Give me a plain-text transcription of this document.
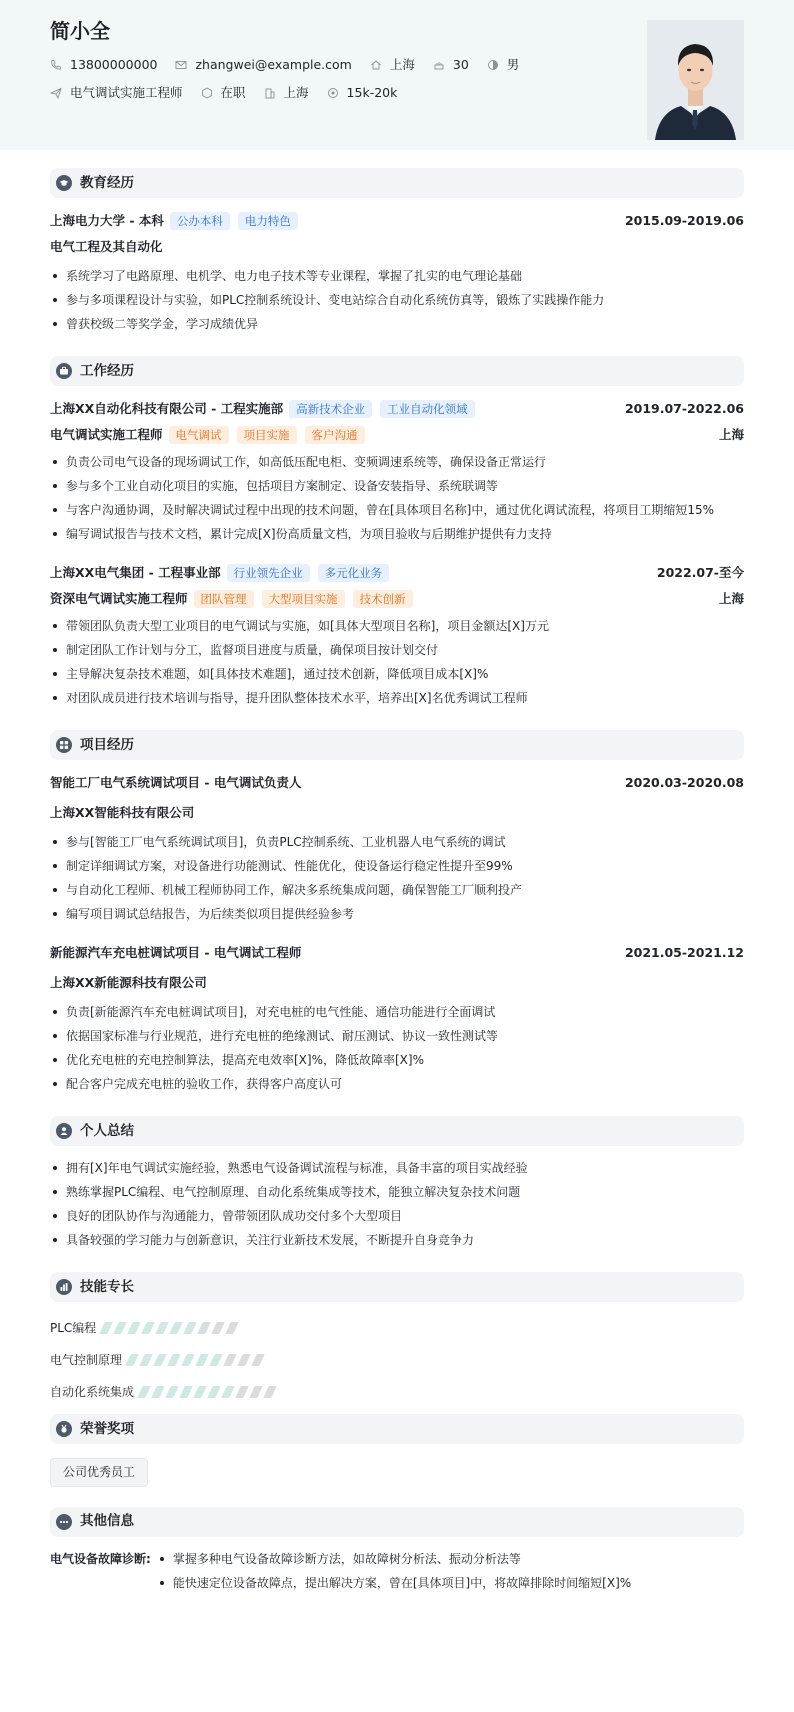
简小全
13800000000	zhangwei@example.com	上海	30	男
电气调试实施工程师	在职	上海	15k-20k
教育经历
上海电力大学 - 本科	公办本科	电力特色	2015.09-2019.06
电气工程及其自动化
系统学习了电路原理、电机学、电力电子技术等专业课程，掌握了扎实的电气理论基础
参与多项课程设计与实验，如PLC控制系统设计、变电站综合自动化系统仿真等，锻炼了实践操作能力
曾获校级二等奖学金，学习成绩优异
工作经历
上海XX自动化科技有限公司 - 工程实施部	高新技术企业	工业自动化领域	2019.07-2022.06
电气调试实施工程师	电气调试	项目实施	客户沟通	上海
负责公司电气设备的现场调试工作，如高低压配电柜、变频调速系统等，确保设备正常运行
参与多个工业自动化项目的实施，包括项目方案制定、设备安装指导、系统联调等
与客户沟通协调，及时解决调试过程中出现的技术问题，曾在[具体项目名称]中，通过优化调试流程，将项目工期缩短15%
编写调试报告与技术文档，累计完成[X]份高质量文档，为项目验收与后期维护提供有力支持
上海XX电气集团 - 工程事业部	行业领先企业	多元化业务	2022.07-至今
资深电气调试实施工程师	团队管理	大型项目实施	技术创新	上海
带领团队负责大型工业项目的电气调试与实施，如[具体大型项目名称]，项目金额达[X]万元
制定团队工作计划与分工，监督项目进度与质量，确保项目按计划交付
主导解决复杂技术难题，如[具体技术难题]，通过技术创新，降低项目成本[X]%
对团队成员进行技术培训与指导，提升团队整体技术水平，培养出[X]名优秀调试工程师
项目经历
智能工厂电气系统调试项目 - 电气调试负责人	2020.03-2020.08
上海XX智能科技有限公司
参与[智能工厂电气系统调试项目]，负责PLC控制系统、工业机器人电气系统的调试
制定详细调试方案，对设备进行功能测试、性能优化，使设备运行稳定性提升至99%
与自动化工程师、机械工程师协同工作，解决多系统集成问题，确保智能工厂顺利投产
编写项目调试总结报告，为后续类似项目提供经验参考
新能源汽车充电桩调试项目 - 电气调试工程师	2021.05-2021.12
上海XX新能源科技有限公司
负责[新能源汽车充电桩调试项目]，对充电桩的电气性能、通信功能进行全面调试
依据国家标准与行业规范，进行充电桩的绝缘测试、耐压测试、协议一致性测试等
优化充电桩的充电控制算法，提高充电效率[X]%，降低故障率[X]%
配合客户完成充电桩的验收工作，获得客户高度认可
个人总结
拥有[X]年电气调试实施经验，熟悉电气设备调试流程与标准，具备丰富的项目实战经验
熟练掌握PLC编程、电气控制原理、自动化系统集成等技术，能独立解决复杂技术问题
良好的团队协作与沟通能力，曾带领团队成功交付多个大型项目
具备较强的学习能力与创新意识，关注行业新技术发展，不断提升自身竞争力
技能专长
PLC编程
电气控制原理
自动化系统集成
荣誉奖项
公司优秀员工
其他信息
电气设备故障诊断:	掌握多种电气设备故障诊断方法，如故障树分析法、振动分析法等
能快速定位设备故障点，提出解决方案，曾在[具体项目]中，将故障排除时间缩短[X]%
